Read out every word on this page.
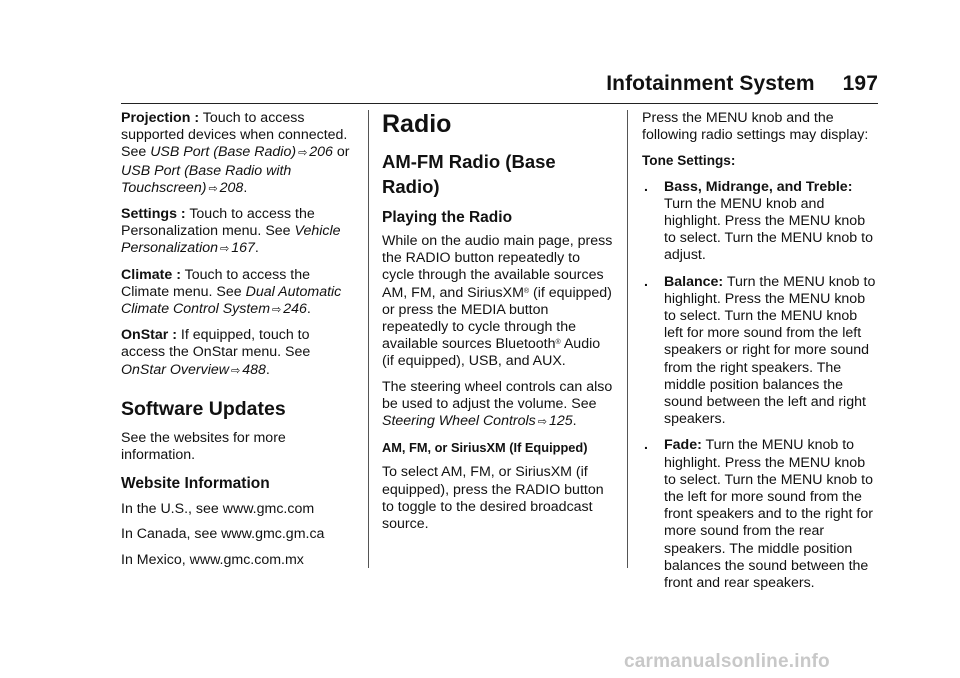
Infotainment System 197

Projection : Touch to access supported devices when connected. See USB Port (Base Radio) ⇨ 206 or USB Port (Base Radio with Touchscreen) ⇨ 208.

Settings : Touch to access the Personalization menu. See Vehicle Personalization ⇨ 167.

Climate : Touch to access the Climate menu. See Dual Automatic Climate Control System ⇨ 246.

OnStar : If equipped, touch to access the OnStar menu. See OnStar Overview ⇨ 488.

Software Updates

See the websites for more information.

Website Information

In the U.S., see www.gmc.com

In Canada, see www.gmc.gm.ca

In Mexico, www.gmc.com.mx

Radio
AM-FM Radio (Base Radio)
Playing the Radio

While on the audio main page, press the RADIO button repeatedly to cycle through the available sources AM, FM, and SiriusXM® (if equipped) or press the MEDIA button repeatedly to cycle through the available sources Bluetooth® Audio (if equipped), USB, and AUX.

The steering wheel controls can also be used to adjust the volume. See Steering Wheel Controls ⇨ 125.

AM, FM, or SiriusXM (If Equipped)

To select AM, FM, or SiriusXM (if equipped), press the RADIO button to toggle to the desired broadcast source.

Press the MENU knob and the following radio settings may display:

Tone Settings:
. Bass, Midrange, and Treble: Turn the MENU knob and highlight. Press the MENU knob to select. Turn the MENU knob to adjust.
. Balance: Turn the MENU knob to highlight. Press the MENU knob to select. Turn the MENU knob left for more sound from the left speakers or right for more sound from the right speakers. The middle position balances the sound between the left and right speakers.
. Fade: Turn the MENU knob to highlight. Press the MENU knob to select. Turn the MENU knob to the left for more sound from the front speakers and to the right for more sound from the rear speakers. The middle position balances the sound between the front and rear speakers.
carmanualsonline.info
